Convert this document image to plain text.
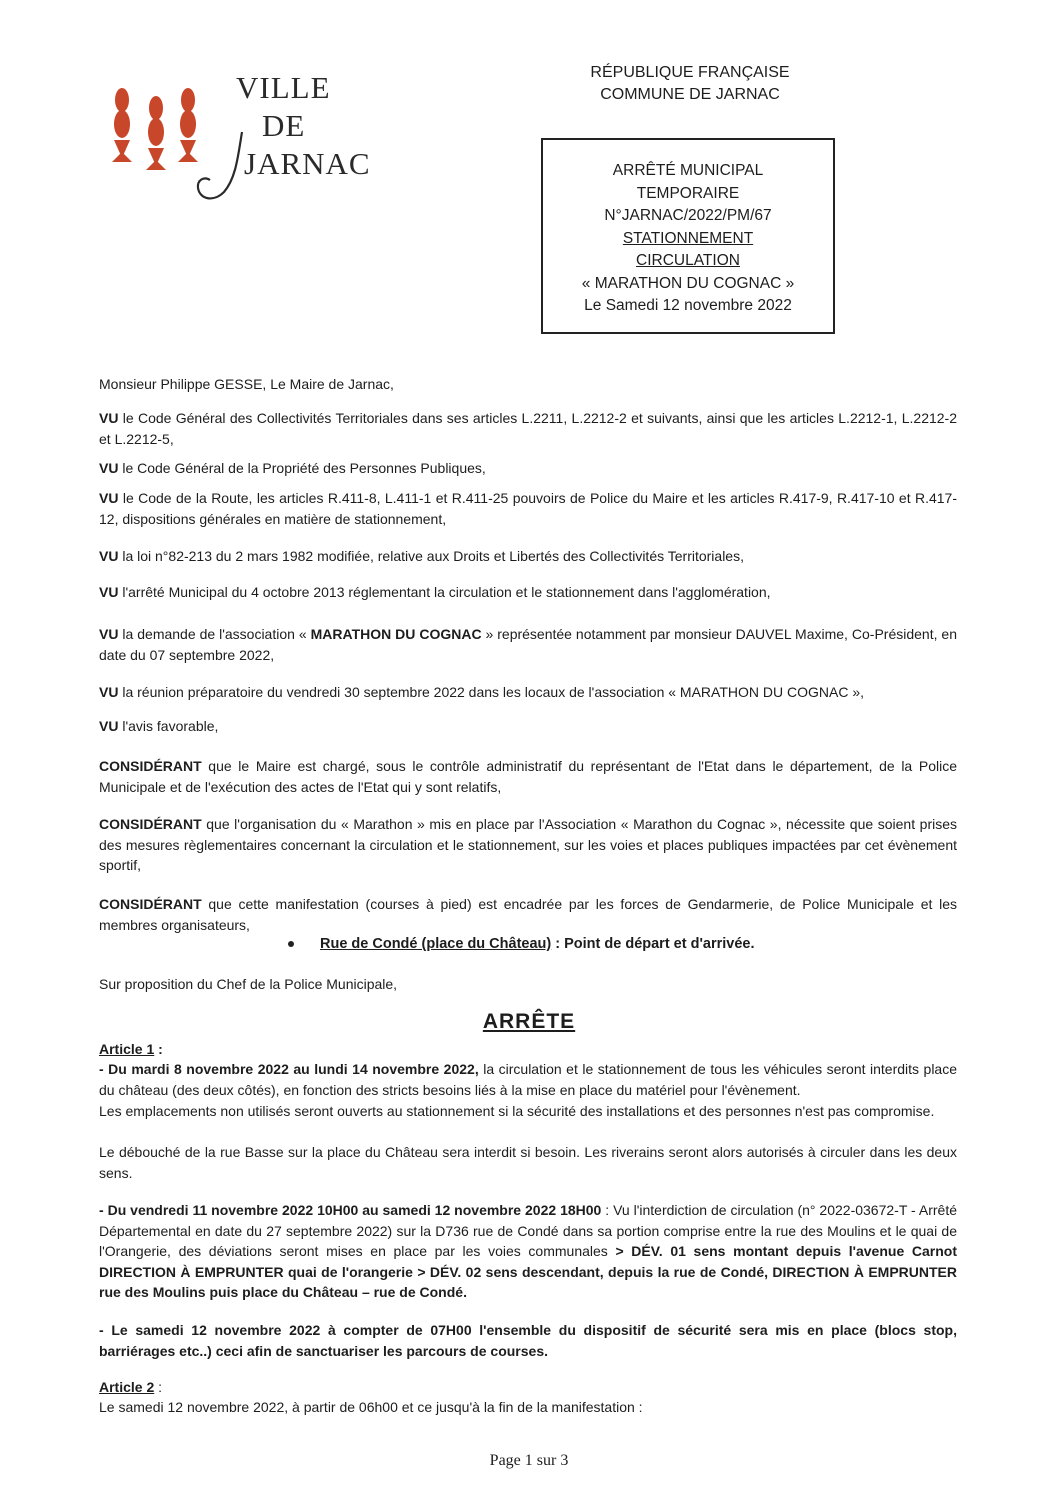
VILLE
DE
JARNAC
RÉPUBLIQUE FRANÇAISE
COMMUNE DE JARNAC
ARRÊTÉ MUNICIPAL
TEMPORAIRE
N°JARNAC/2022/PM/67
STATIONNEMENT
CIRCULATION
« MARATHON DU COGNAC »
Le Samedi 12 novembre 2022
Monsieur Philippe GESSE, Le Maire de Jarnac,
VU le Code Général des Collectivités Territoriales dans ses articles L.2211, L.2212-2 et suivants, ainsi que les articles L.2212-1, L.2212-2 et L.2212-5,
VU le Code Général de la Propriété des Personnes Publiques,
VU le Code de la Route, les articles R.411-8, L.411-1 et R.411-25 pouvoirs de Police du Maire et les articles R.417-9, R.417-10 et R.417-12, dispositions générales en matière de stationnement,
VU la loi n°82-213 du 2 mars 1982 modifiée, relative aux Droits et Libertés des Collectivités Territoriales,
VU l'arrêté Municipal du 4 octobre 2013 réglementant la circulation et le stationnement dans l'agglomération,
VU la demande de l'association « MARATHON DU COGNAC » représentée notamment par monsieur DAUVEL Maxime, Co-Président, en date du 07 septembre 2022,
VU la réunion préparatoire du vendredi 30 septembre 2022 dans les locaux de l'association « MARATHON DU COGNAC »,
VU l'avis favorable,
CONSIDÉRANT que le Maire est chargé, sous le contrôle administratif du représentant de l'Etat dans le département, de la Police Municipale et de l'exécution des actes de l'Etat qui y sont relatifs,
CONSIDÉRANT que l'organisation du « Marathon » mis en place par l'Association « Marathon du Cognac », nécessite que soient prises des mesures règlementaires concernant la circulation et le stationnement, sur les voies et places publiques impactées par cet évènement sportif,
CONSIDÉRANT que cette manifestation (courses à pied) est encadrée par les forces de Gendarmerie, de Police Municipale et les membres organisateurs,
Rue de Condé (place du Château) : Point de départ et d'arrivée.
Sur proposition du Chef de la Police Municipale,
ARRÊTE
Article 1 :
- Du mardi 8 novembre 2022 au lundi 14 novembre 2022, la circulation et le stationnement de tous les véhicules seront interdits place du château (des deux côtés), en fonction des stricts besoins liés à la mise en place du matériel pour l'évènement.
Les emplacements non utilisés seront ouverts au stationnement si la sécurité des installations et des personnes n'est pas compromise.
Le débouché de la rue Basse sur la place du Château sera interdit si besoin. Les riverains seront alors autorisés à circuler dans les deux sens.
- Du vendredi 11 novembre 2022 10H00 au samedi 12 novembre 2022 18H00 : Vu l'interdiction de circulation (n° 2022-03672-T - Arrêté Départemental en date du 27 septembre 2022) sur la D736 rue de Condé dans sa portion comprise entre la rue des Moulins et le quai de l'Orangerie, des déviations seront mises en place par les voies communales > DÉV. 01 sens montant depuis l'avenue Carnot DIRECTION À EMPRUNTER quai de l'orangerie > DÉV. 02 sens descendant, depuis la rue de Condé, DIRECTION À EMPRUNTER rue des Moulins puis place du Château – rue de Condé.
- Le samedi 12 novembre 2022 à compter de 07H00 l'ensemble du dispositif de sécurité sera mis en place (blocs stop, barriérages etc..) ceci afin de sanctuariser les parcours de courses.
Article 2 :
Le samedi 12 novembre 2022, à partir de 06h00 et ce jusqu'à la fin de la manifestation :
Page 1 sur 3
